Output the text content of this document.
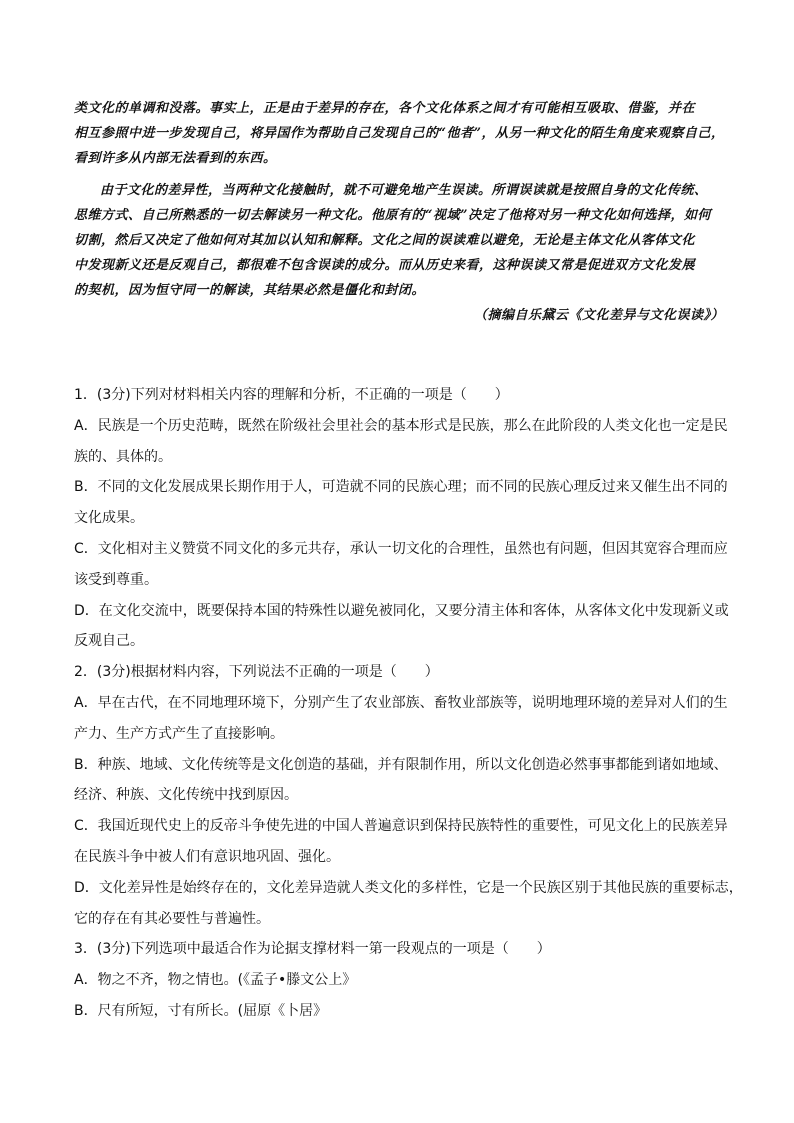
类文化的单调和没落。事实上，正是由于差异的存在，各个文化体系之间才有可能相互吸取、借鉴，并在
相互参照中进一步发现自己，将异国作为帮助自己发现自己的“他者”，从另一种文化的陌生角度来观察自己，
看到许多从内部无法看到的东西。
由于文化的差异性，当两种文化接触时，就不可避免地产生误读。所谓误读就是按照自身的文化传统、
思维方式、自己所熟悉的一切去解读另一种文化。他原有的“视域”决定了他将对另一种文化如何选择，如何
切割，然后又决定了他如何对其加以认知和解释。文化之间的误读难以避免，无论是主体文化从客体文化
中发现新义还是反观自己，都很难不包含误读的成分。而从历史来看，这种误读又常是促进双方文化发展
的契机，因为恒守同一的解读，其结果必然是僵化和封闭。
（摘编自乐黛云《文化差异与文化误读》）
1．(3分)下列对材料相关内容的理解和分析，不正确的一项是（　　）
A．民族是一个历史范畴，既然在阶级社会里社会的基本形式是民族，那么在此阶段的人类文化也一定是民
族的、具体的。
B．不同的文化发展成果长期作用于人，可造就不同的民族心理；而不同的民族心理反过来又催生出不同的
文化成果。
C．文化相对主义赞赏不同文化的多元共存，承认一切文化的合理性，虽然也有问题，但因其宽容合理而应
该受到尊重。
D．在文化交流中，既要保持本国的特殊性以避免被同化，又要分清主体和客体，从客体文化中发现新义或
反观自己。
2．(3分)根据材料内容，下列说法不正确的一项是（　　）
A．早在古代，在不同地理环境下，分别产生了农业部族、畜牧业部族等，说明地理环境的差异对人们的生
产力、生产方式产生了直接影响。
B．种族、地域、文化传统等是文化创造的基础，并有限制作用，所以文化创造必然事事都能到诸如地域、
经济、种族、文化传统中找到原因。
C．我国近现代史上的反帝斗争使先进的中国人普遍意识到保持民族特性的重要性，可见文化上的民族差异
在民族斗争中被人们有意识地巩固、强化。
D．文化差异性是始终存在的，文化差异造就人类文化的多样性，它是一个民族区别于其他民族的重要标志，
它的存在有其必要性与普遍性。
3．(3分)下列选项中最适合作为论据支撑材料一第一段观点的一项是（　　）
A．物之不齐，物之情也。(《孟子•滕文公上》
B．尺有所短，寸有所长。(屈原《卜居》
